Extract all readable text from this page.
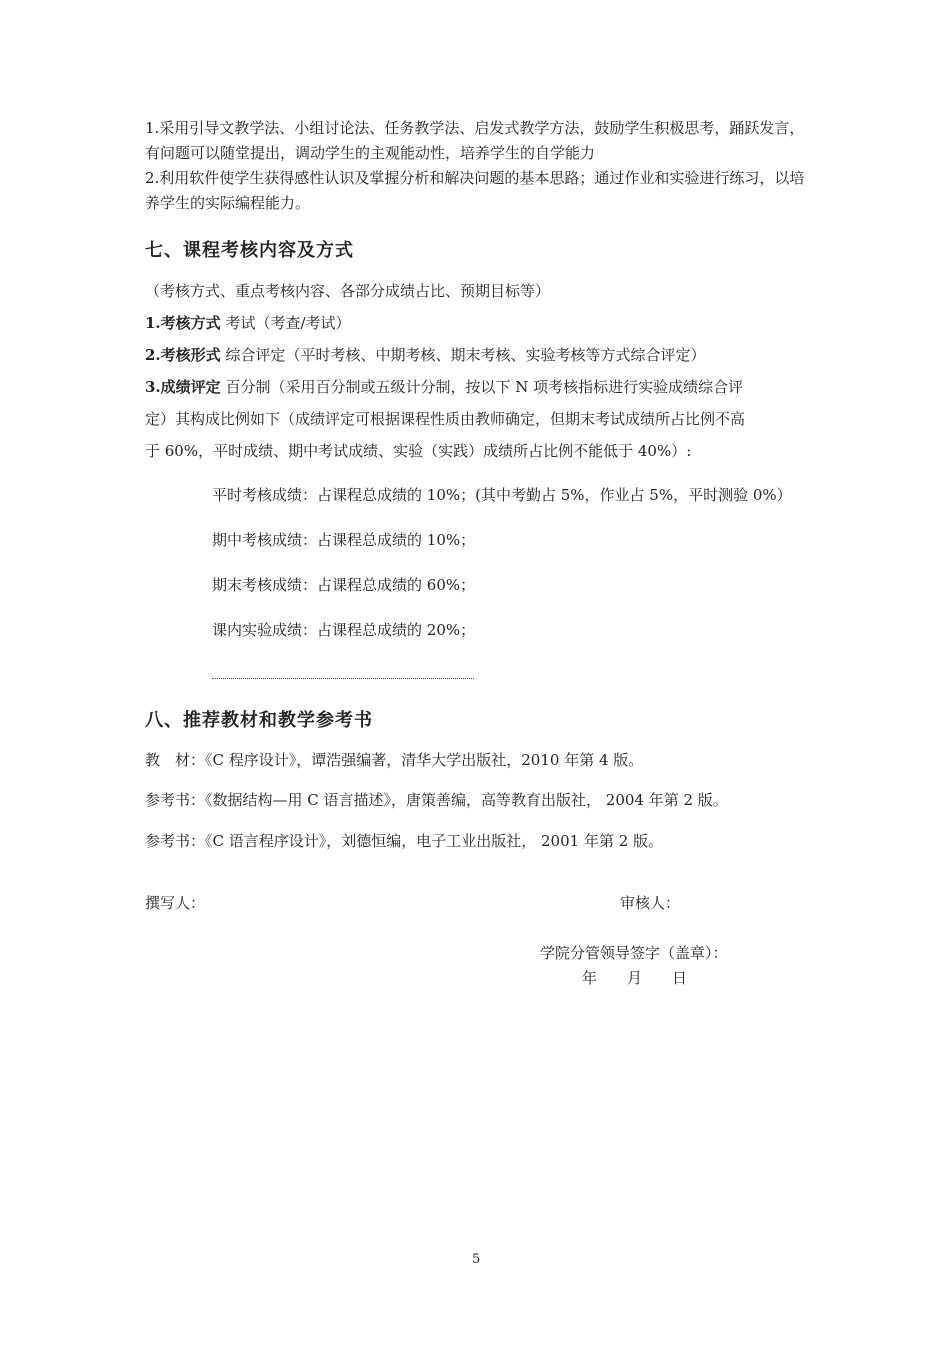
1.采用引导文教学法、小组讨论法、任务教学法、启发式教学方法，鼓励学生积极思考，踊跃发言，有问题可以随堂提出，调动学生的主观能动性，培养学生的自学能力
2.利用软件使学生获得感性认识及掌握分析和解决问题的基本思路；通过作业和实验进行练习，以培养学生的实际编程能力。
七、课程考核内容及方式
（考核方式、重点考核内容、各部分成绩占比、预期目标等）
1.考核方式 考试（考查/考试）
2.考核形式 综合评定（平时考核、中期考核、期末考核、实验考核等方式综合评定）
3.成绩评定 百分制（采用百分制或五级计分制，按以下 N 项考核指标进行实验成绩综合评
定）其构成比例如下（成绩评定可根据课程性质由教师确定，但期末考试成绩所占比例不高
于 60%，平时成绩、期中考试成绩、实验（实践）成绩所占比例不能低于 40%）:
平时考核成绩：占课程总成绩的 10%；(其中考勤占 5%，作业占 5%，平时测验 0%）
期中考核成绩：占课程总成绩的 10%；
期末考核成绩：占课程总成绩的 60%；
课内实验成绩：占课程总成绩的 20%；
八、推荐教材和教学参考书
教　材：《C 程序设计》，谭浩强编著，清华大学出版社，2010 年第 4 版。
参考书：《数据结构—用 C 语言描述》，唐策善编，高等教育出版社， 2004 年第 2 版。
参考书：《C 语言程序设计》，刘德恒编，电子工业出版社， 2001 年第 2 版。
撰写人：	审核人：
学院分管领导签字（盖章）：
年　　月　　日
5
